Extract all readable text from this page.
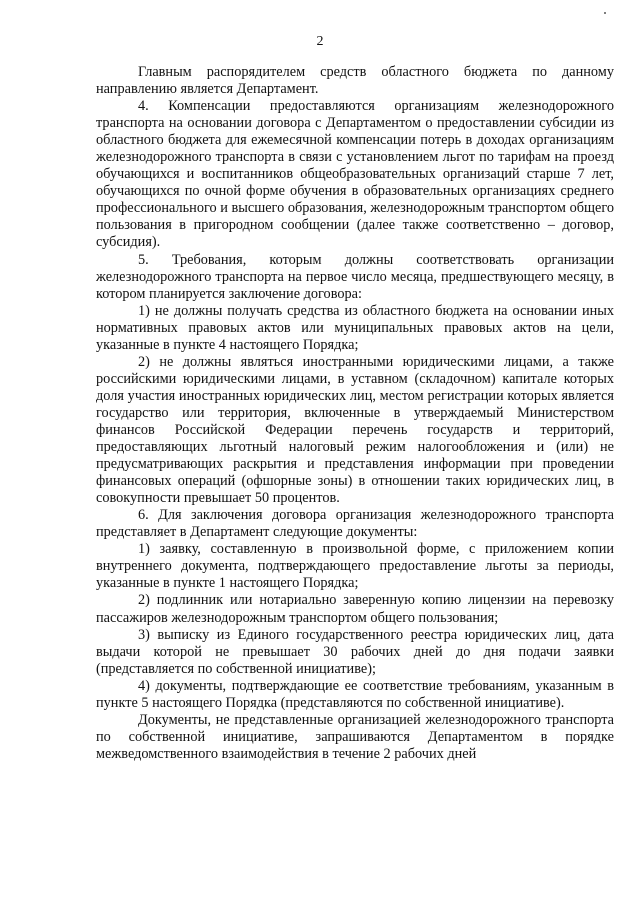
2

Главным распорядителем средств областного бюджета по данному направлению является Департамент.

4. Компенсации предоставляются организациям железнодорожного транспорта на основании договора с Департаментом о предоставлении субсидии из областного бюджета для ежемесячной компенсации потерь в доходах организациям железнодорожного транспорта в связи с установлением льгот по тарифам на проезд обучающихся и воспитанников общеобразовательных организаций старше 7 лет, обучающихся по очной форме обучения в образовательных организациях среднего профессионального и высшего образования, железнодорожным транспортом общего пользования в пригородном сообщении (далее также соответственно – договор, субсидия).

5. Требования, которым должны соответствовать организации железнодорожного транспорта на первое число месяца, предшествующего месяцу, в котором планируется заключение договора:

1) не должны получать средства из областного бюджета на основании иных нормативных правовых актов или муниципальных правовых актов на цели, указанные в пункте 4 настоящего Порядка;

2) не должны являться иностранными юридическими лицами, а также российскими юридическими лицами, в уставном (складочном) капитале которых доля участия иностранных юридических лиц, местом регистрации которых является государство или территория, включенные в утверждаемый Министерством финансов Российской Федерации перечень государств и территорий, предоставляющих льготный налоговый режим налогообложения и (или) не предусматривающих раскрытия и представления информации при проведении финансовых операций (офшорные зоны) в отношении таких юридических лиц, в совокупности превышает 50 процентов.

6. Для заключения договора организация железнодорожного транспорта представляет в Департамент следующие документы:

1) заявку, составленную в произвольной форме, с приложением копии внутреннего документа, подтверждающего предоставление льготы за периоды, указанные в пункте 1 настоящего Порядка;

2) подлинник или нотариально заверенную копию лицензии на перевозку пассажиров железнодорожным транспортом общего пользования;

3) выписку из Единого государственного реестра юридических лиц, дата выдачи которой не превышает 30 рабочих дней до дня подачи заявки (представляется по собственной инициативе);

4) документы, подтверждающие ее соответствие требованиям, указанным в пункте 5 настоящего Порядка (представляются по собственной инициативе).

Документы, не представленные организацией железнодорожного транспорта по собственной инициативе, запрашиваются Департаментом в порядке межведомственного взаимодействия в течение 2 рабочих дней
